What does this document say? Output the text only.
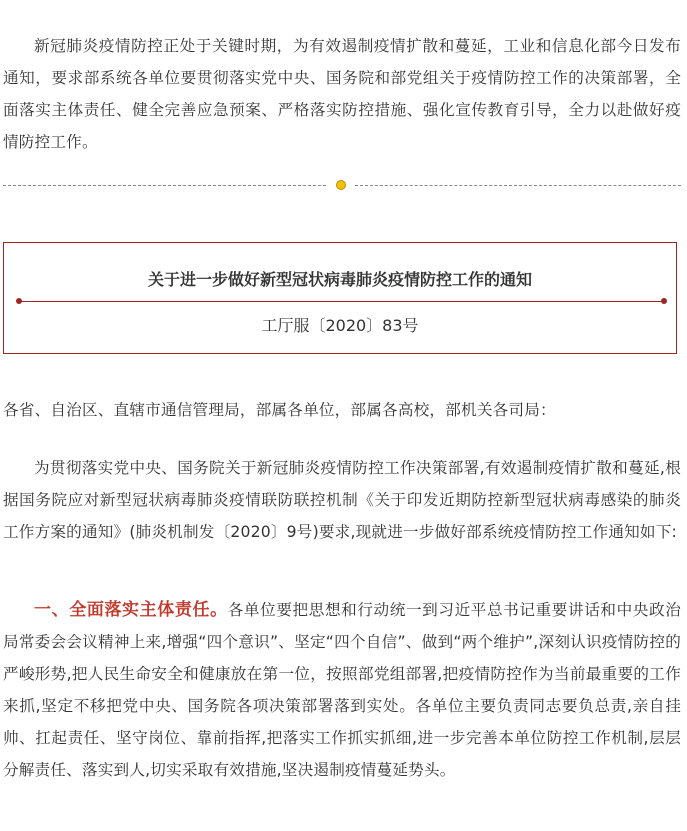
新冠肺炎疫情防控正处于关键时期，为有效遏制疫情扩散和蔓延，工业和信息化部今日发布通知，要求部系统各单位要贯彻落实党中央、国务院和部党组关于疫情防控工作的决策部署，全面落实主体责任、健全完善应急预案、严格落实防控措施、强化宣传教育引导，全力以赴做好疫情防控工作。

关于进一步做好新型冠状病毒肺炎疫情防控工作的通知

工厅服〔2020〕83号

各省、自治区、直辖市通信管理局，部属各单位，部属各高校，部机关各司局：

为贯彻落实党中央、国务院关于新冠肺炎疫情防控工作决策部署,有效遏制疫情扩散和蔓延,根据国务院应对新型冠状病毒肺炎疫情联防联控机制《关于印发近期防控新型冠状病毒感染的肺炎工作方案的通知》(肺炎机制发〔2020〕9号)要求,现就进一步做好部系统疫情防控工作通知如下:

一、全面落实主体责任。各单位要把思想和行动统一到习近平总书记重要讲话和中央政治局常委会会议精神上来,增强“四个意识”、坚定“四个自信”、做到“两个维护”,深刻认识疫情防控的严峻形势,把人民生命安全和健康放在第一位，按照部党组部署,把疫情防控作为当前最重要的工作来抓,坚定不移把党中央、国务院各项决策部署落到实处。各单位主要负责同志要负总责,亲自挂帅、扛起责任、坚守岗位、靠前指挥,把落实工作抓实抓细,进一步完善本单位防控工作机制,层层分解责任、落实到人,切实采取有效措施,坚决遏制疫情蔓延势头。
